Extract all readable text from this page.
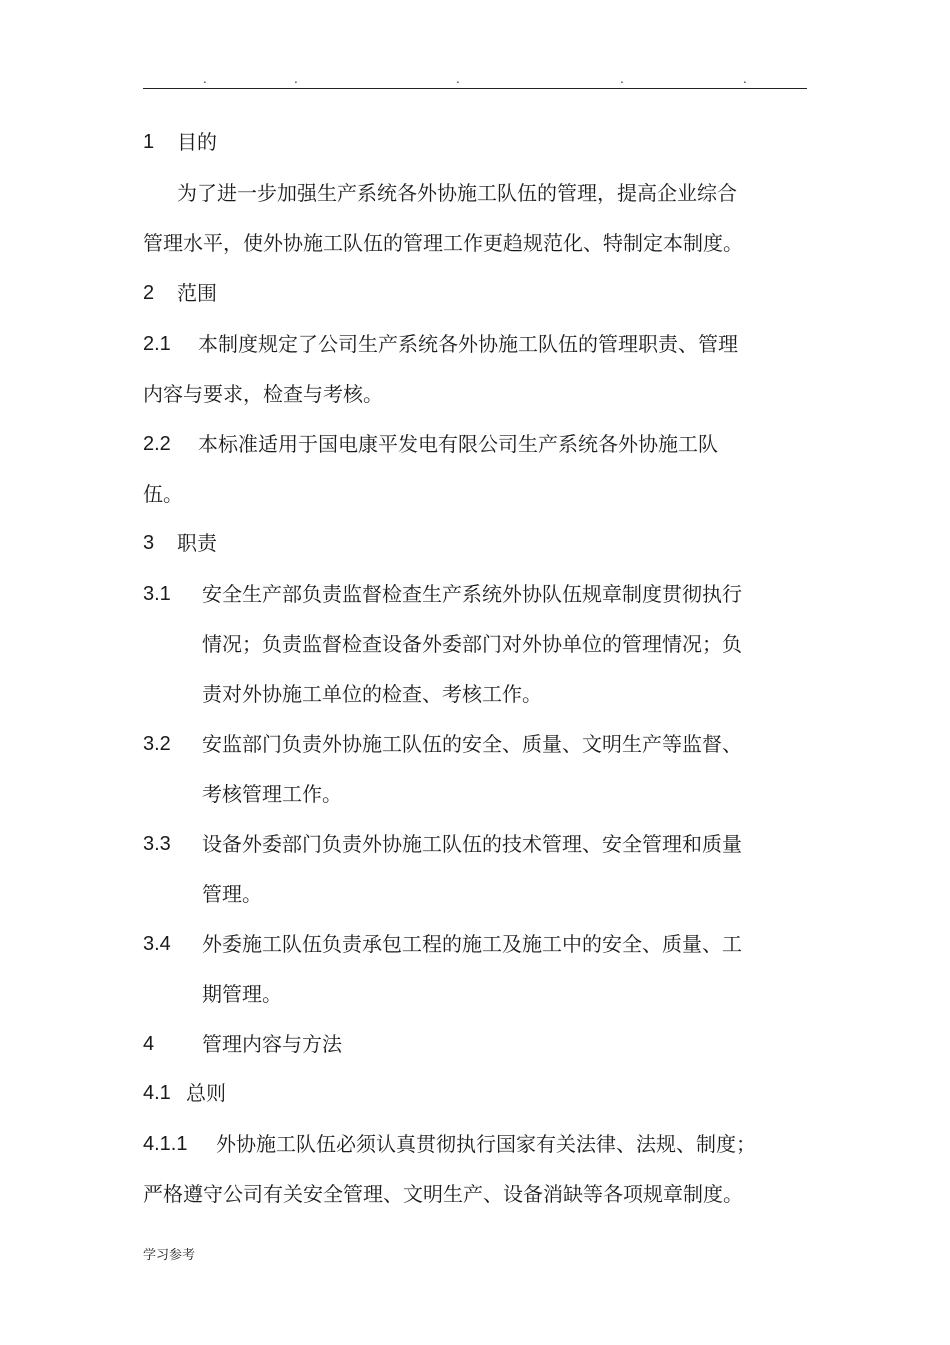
.	.	.	.	.
1 目的
为了进一步加强生产系统各外协施工队伍的管理，提高企业综合
管理水平，使外协施工队伍的管理工作更趋规范化、特制定本制度。
2 范围
2.1 本制度规定了公司生产系统各外协施工队伍的管理职责、管理
内容与要求，检查与考核。
2.2 本标准适用于国电康平发电有限公司生产系统各外协施工队
伍。
3 职责
3.1 安全生产部负责监督检查生产系统外协队伍规章制度贯彻执行
情况；负责监督检查设备外委部门对外协单位的管理情况；负
责对外协施工单位的检查、考核工作。
3.2 安监部门负责外协施工队伍的安全、质量、文明生产等监督、
考核管理工作。
3.3 设备外委部门负责外协施工队伍的技术管理、安全管理和质量
管理。
3.4 外委施工队伍负责承包工程的施工及施工中的安全、质量、工
期管理。
4 管理内容与方法
4.1 总则
4.1.1 外协施工队伍必须认真贯彻执行国家有关法律、法规、制度；
严格遵守公司有关安全管理、文明生产、设备消缺等各项规章制度。
学习参考
